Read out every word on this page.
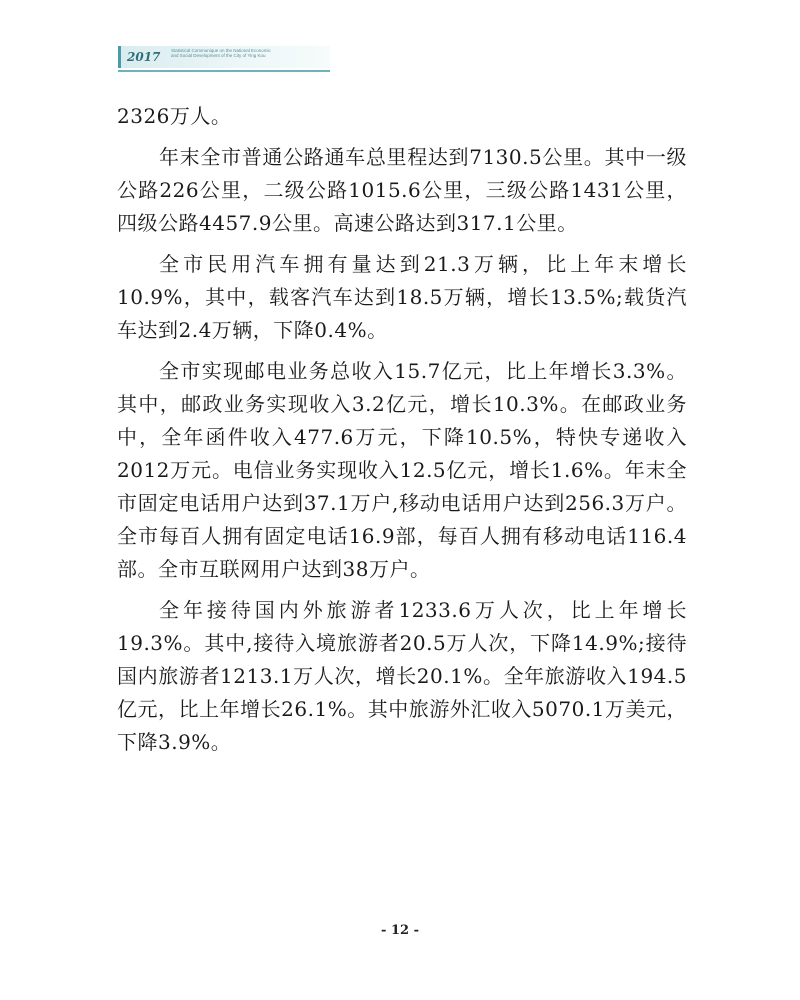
2017 Statistical Communique on the National Economic
and Social Development of the City of Ying Kou

2326万人。

年末全市普通公路通车总里程达到7130.5公里。其中一级公路226公里，二级公路1015.6公里，三级公路1431公里，四级公路4457.9公里。高速公路达到317.1公里。

全市民用汽车拥有量达到21.3万辆，比上年末增长10.9%，其中，载客汽车达到18.5万辆，增长13.5%;载货汽车达到2.4万辆，下降0.4%。

全市实现邮电业务总收入15.7亿元，比上年增长3.3%。其中，邮政业务实现收入3.2亿元，增长10.3%。在邮政业务中，全年函件收入477.6万元，下降10.5%，特快专递收入2012万元。电信业务实现收入12.5亿元，增长1.6%。年末全市固定电话用户达到37.1万户,移动电话用户达到256.3万户。全市每百人拥有固定电话16.9部，每百人拥有移动电话116.4部。全市互联网用户达到38万户。

全年接待国内外旅游者1233.6万人次，比上年增长19.3%。其中,接待入境旅游者20.5万人次，下降14.9%;接待国内旅游者1213.1万人次，增长20.1%。全年旅游收入194.5亿元，比上年增长26.1%。其中旅游外汇收入5070.1万美元，下降3.9%。

- 12 -
